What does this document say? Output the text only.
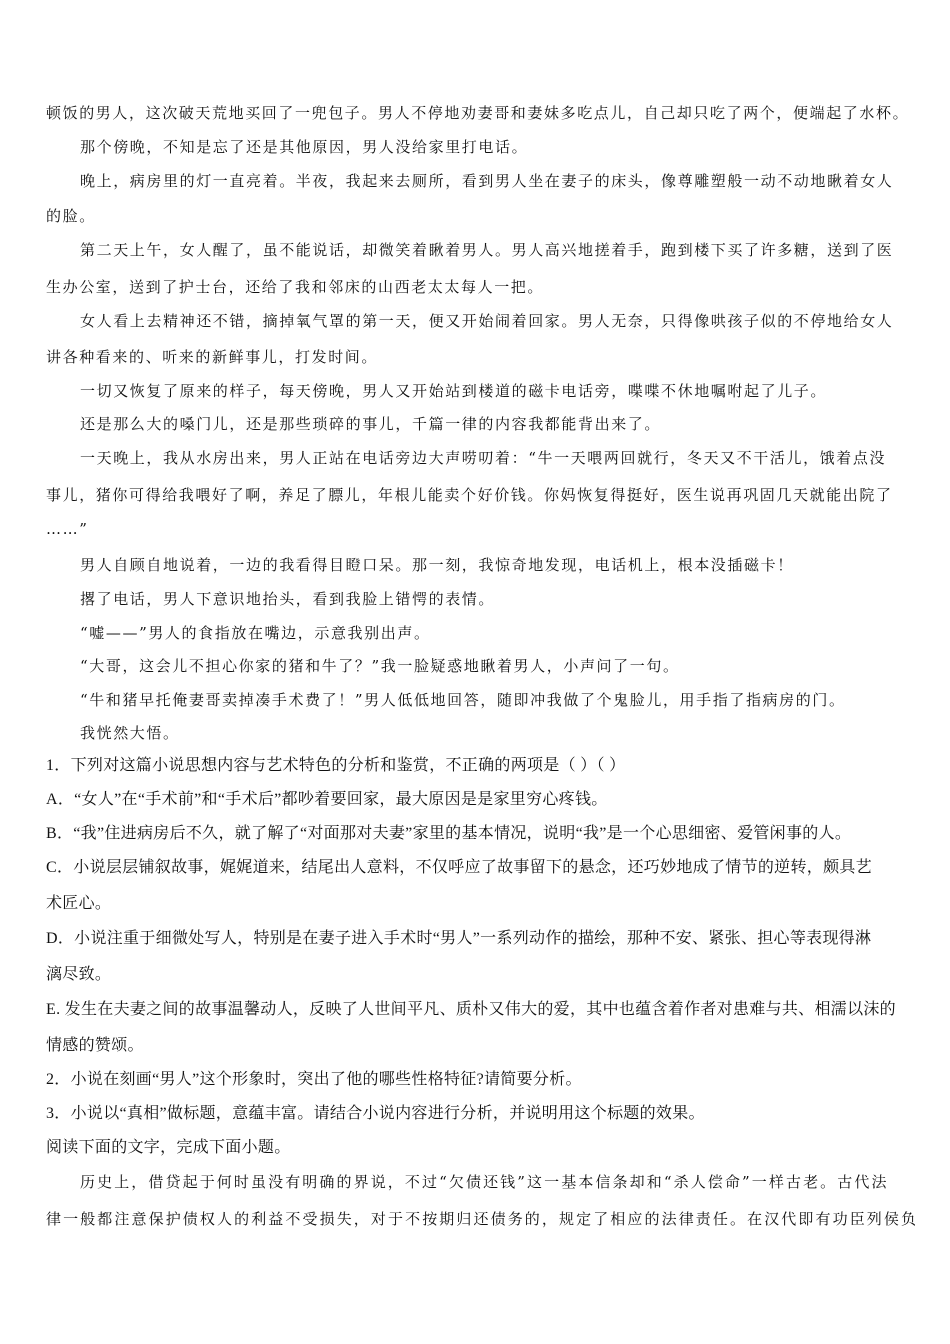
顿饭的男人，这次破天荒地买回了一兜包子。男人不停地劝妻哥和妻妹多吃点儿，自己却只吃了两个，便端起了水杯。
那个傍晚，不知是忘了还是其他原因，男人没给家里打电话。
晚上，病房里的灯一直亮着。半夜，我起来去厕所，看到男人坐在妻子的床头，像尊雕塑般一动不动地瞅着女人
的脸。
第二天上午，女人醒了，虽不能说话，却微笑着瞅着男人。男人高兴地搓着手，跑到楼下买了许多糖，送到了医
生办公室，送到了护士台，还给了我和邻床的山西老太太每人一把。
女人看上去精神还不错，摘掉氧气罩的第一天，便又开始闹着回家。男人无奈，只得像哄孩子似的不停地给女人
讲各种看来的、听来的新鲜事儿，打发时间。
一切又恢复了原来的样子，每天傍晚，男人又开始站到楼道的磁卡电话旁，喋喋不休地嘱咐起了儿子。
还是那么大的嗓门儿，还是那些琐碎的事儿，千篇一律的内容我都能背出来了。
一天晚上，我从水房出来，男人正站在电话旁边大声唠叨着：“牛一天喂两回就行，冬天又不干活儿，饿着点没
事儿，猪你可得给我喂好了啊，养足了膘儿，年根儿能卖个好价钱。你妈恢复得挺好，医生说再巩固几天就能出院了
……”
男人自顾自地说着，一边的我看得目瞪口呆。那一刻，我惊奇地发现，电话机上，根本没插磁卡！
撂了电话，男人下意识地抬头，看到我脸上错愕的表情。
“嘘——”男人的食指放在嘴边，示意我别出声。
“大哥，这会儿不担心你家的猪和牛了？”我一脸疑惑地瞅着男人，小声问了一句。
“牛和猪早托俺妻哥卖掉凑手术费了！”男人低低地回答，随即冲我做了个鬼脸儿，用手指了指病房的门。
我恍然大悟。
1．下列对这篇小说思想内容与艺术特色的分析和鉴赏，不正确的两项是（ ）（ ）
A．“女人”在“手术前”和“手术后”都吵着要回家，最大原因是是家里穷心疼钱。
B．“我”住进病房后不久，就了解了“对面那对夫妻”家里的基本情况，说明“我”是一个心思细密、爱管闲事的人。
C．小说层层铺叙故事，娓娓道来，结尾出人意料，不仅呼应了故事留下的悬念，还巧妙地成了情节的逆转，颇具艺
术匠心。
D．小说注重于细微处写人，特别是在妻子进入手术时“男人”一系列动作的描绘，那种不安、紧张、担心等表现得淋
漓尽致。
E. 发生在夫妻之间的故事温馨动人，反映了人世间平凡、质朴又伟大的爱，其中也蕴含着作者对患难与共、相濡以沫的
情感的赞颂。
2．小说在刻画“男人”这个形象时，突出了他的哪些性格特征?请简要分析。
3．小说以“真相”做标题，意蕴丰富。请结合小说内容进行分析，并说明用这个标题的效果。
阅读下面的文字，完成下面小题。
历史上，借贷起于何时虽没有明确的界说，不过“欠债还钱”这一基本信条却和“杀人偿命”一样古老。古代法
律一般都注意保护债权人的利益不受损失，对于不按期归还债务的，规定了相应的法律责任。在汉代即有功臣列侯负
